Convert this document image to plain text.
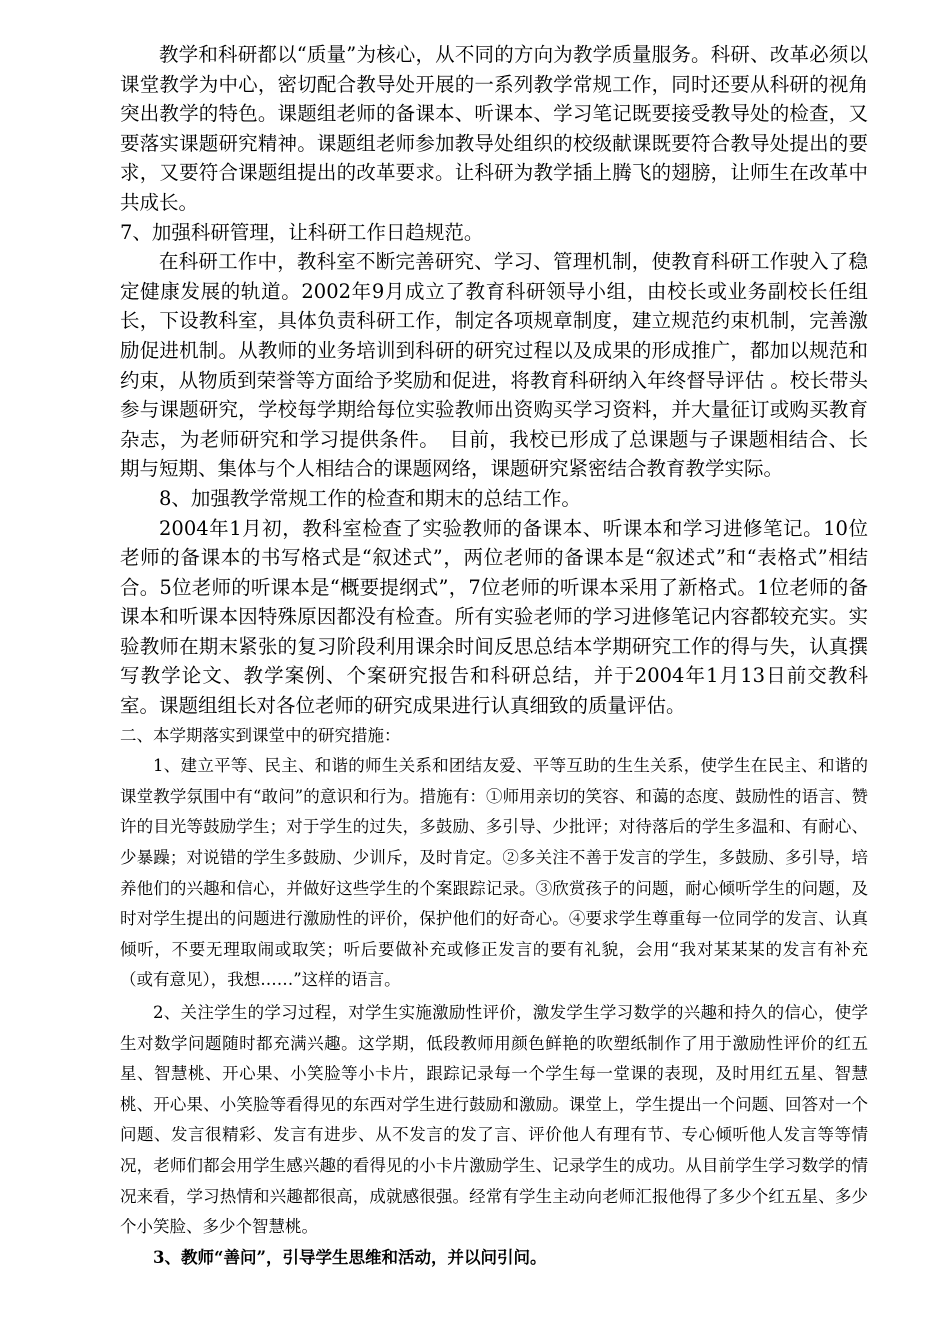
教学和科研都以“质量”为核心，从不同的方向为教学质量服务。科研、改革必须以课堂教学为中心，密切配合教导处开展的一系列教学常规工作，同时还要从科研的视角突出教学的特色。课题组老师的备课本、听课本、学习笔记既要接受教导处的检查，又要落实课题研究精神。课题组老师参加教导处组织的校级献课既要符合教导处提出的要求，又要符合课题组提出的改革要求。让科研为教学插上腾飞的翅膀，让师生在改革中共成长。

7、加强科研管理，让科研工作日趋规范。

在科研工作中，教科室不断完善研究、学习、管理机制，使教育科研工作驶入了稳定健康发展的轨道。2002年9月成立了教育科研领导小组，由校长或业务副校长任组长，下设教科室，具体负责科研工作，制定各项规章制度，建立规范约束机制，完善激励促进机制。从教师的业务培训到科研的研究过程以及成果的形成推广，都加以规范和约束，从物质到荣誉等方面给予奖励和促进，将教育科研纳入年终督导评估 。校长带头参与课题研究，学校每学期给每位实验教师出资购买学习资料，并大量征订或购买教育杂志，为老师研究和学习提供条件。　目前，我校已形成了总课题与子课题相结合、长期与短期、集体与个人相结合的课题网络，课题研究紧密结合教育教学实际。

8、加强教学常规工作的检查和期末的总结工作。

2004年1月初，教科室检查了实验教师的备课本、听课本和学习进修笔记。10位老师的备课本的书写格式是“叙述式”，两位老师的备课本是“叙述式”和“表格式”相结合。5位老师的听课本是“概要提纲式”，7位老师的听课本采用了新格式。1位老师的备课本和听课本因特殊原因都没有检查。所有实验老师的学习进修笔记内容都较充实。实验教师在期末紧张的复习阶段利用课余时间反思总结本学期研究工作的得与失，认真撰写教学论文、教学案例、个案研究报告和科研总结，并于2004年1月13日前交教科室。课题组组长对各位老师的研究成果进行认真细致的质量评估。

二、本学期落实到课堂中的研究措施：

1、建立平等、民主、和谐的师生关系和团结友爱、平等互助的生生关系，使学生在民主、和谐的课堂教学氛围中有“敢问”的意识和行为。措施有：①师用亲切的笑容、和蔼的态度、鼓励性的语言、赞许的目光等鼓励学生；对于学生的过失，多鼓励、多引导、少批评；对待落后的学生多温和、有耐心、少暴躁；对说错的学生多鼓励、少训斥，及时肯定。②多关注不善于发言的学生，多鼓励、多引导，培养他们的兴趣和信心，并做好这些学生的个案跟踪记录。③欣赏孩子的问题，耐心倾听学生的问题，及时对学生提出的问题进行激励性的评价，保护他们的好奇心。④要求学生尊重每一位同学的发言、认真倾听，不要无理取闹或取笑；听后要做补充或修正发言的要有礼貌，会用“我对某某某的发言有补充（或有意见），我想……”这样的语言。

2、关注学生的学习过程，对学生实施激励性评价，激发学生学习数学的兴趣和持久的信心，使学生对数学问题随时都充满兴趣。这学期，低段教师用颜色鲜艳的吹塑纸制作了用于激励性评价的红五星、智慧桃、开心果、小笑脸等小卡片，跟踪记录每一个学生每一堂课的表现，及时用红五星、智慧桃、开心果、小笑脸等看得见的东西对学生进行鼓励和激励。课堂上，学生提出一个问题、回答对一个问题、发言很精彩、发言有进步、从不发言的发了言、评价他人有理有节、专心倾听他人发言等等情况，老师们都会用学生感兴趣的看得见的小卡片激励学生、记录学生的成功。从目前学生学习数学的情况来看，学习热情和兴趣都很高，成就感很强。经常有学生主动向老师汇报他得了多少个红五星、多少个小笑脸、多少个智慧桃。

3、教师“善问”，引导学生思维和活动，并以问引问。
